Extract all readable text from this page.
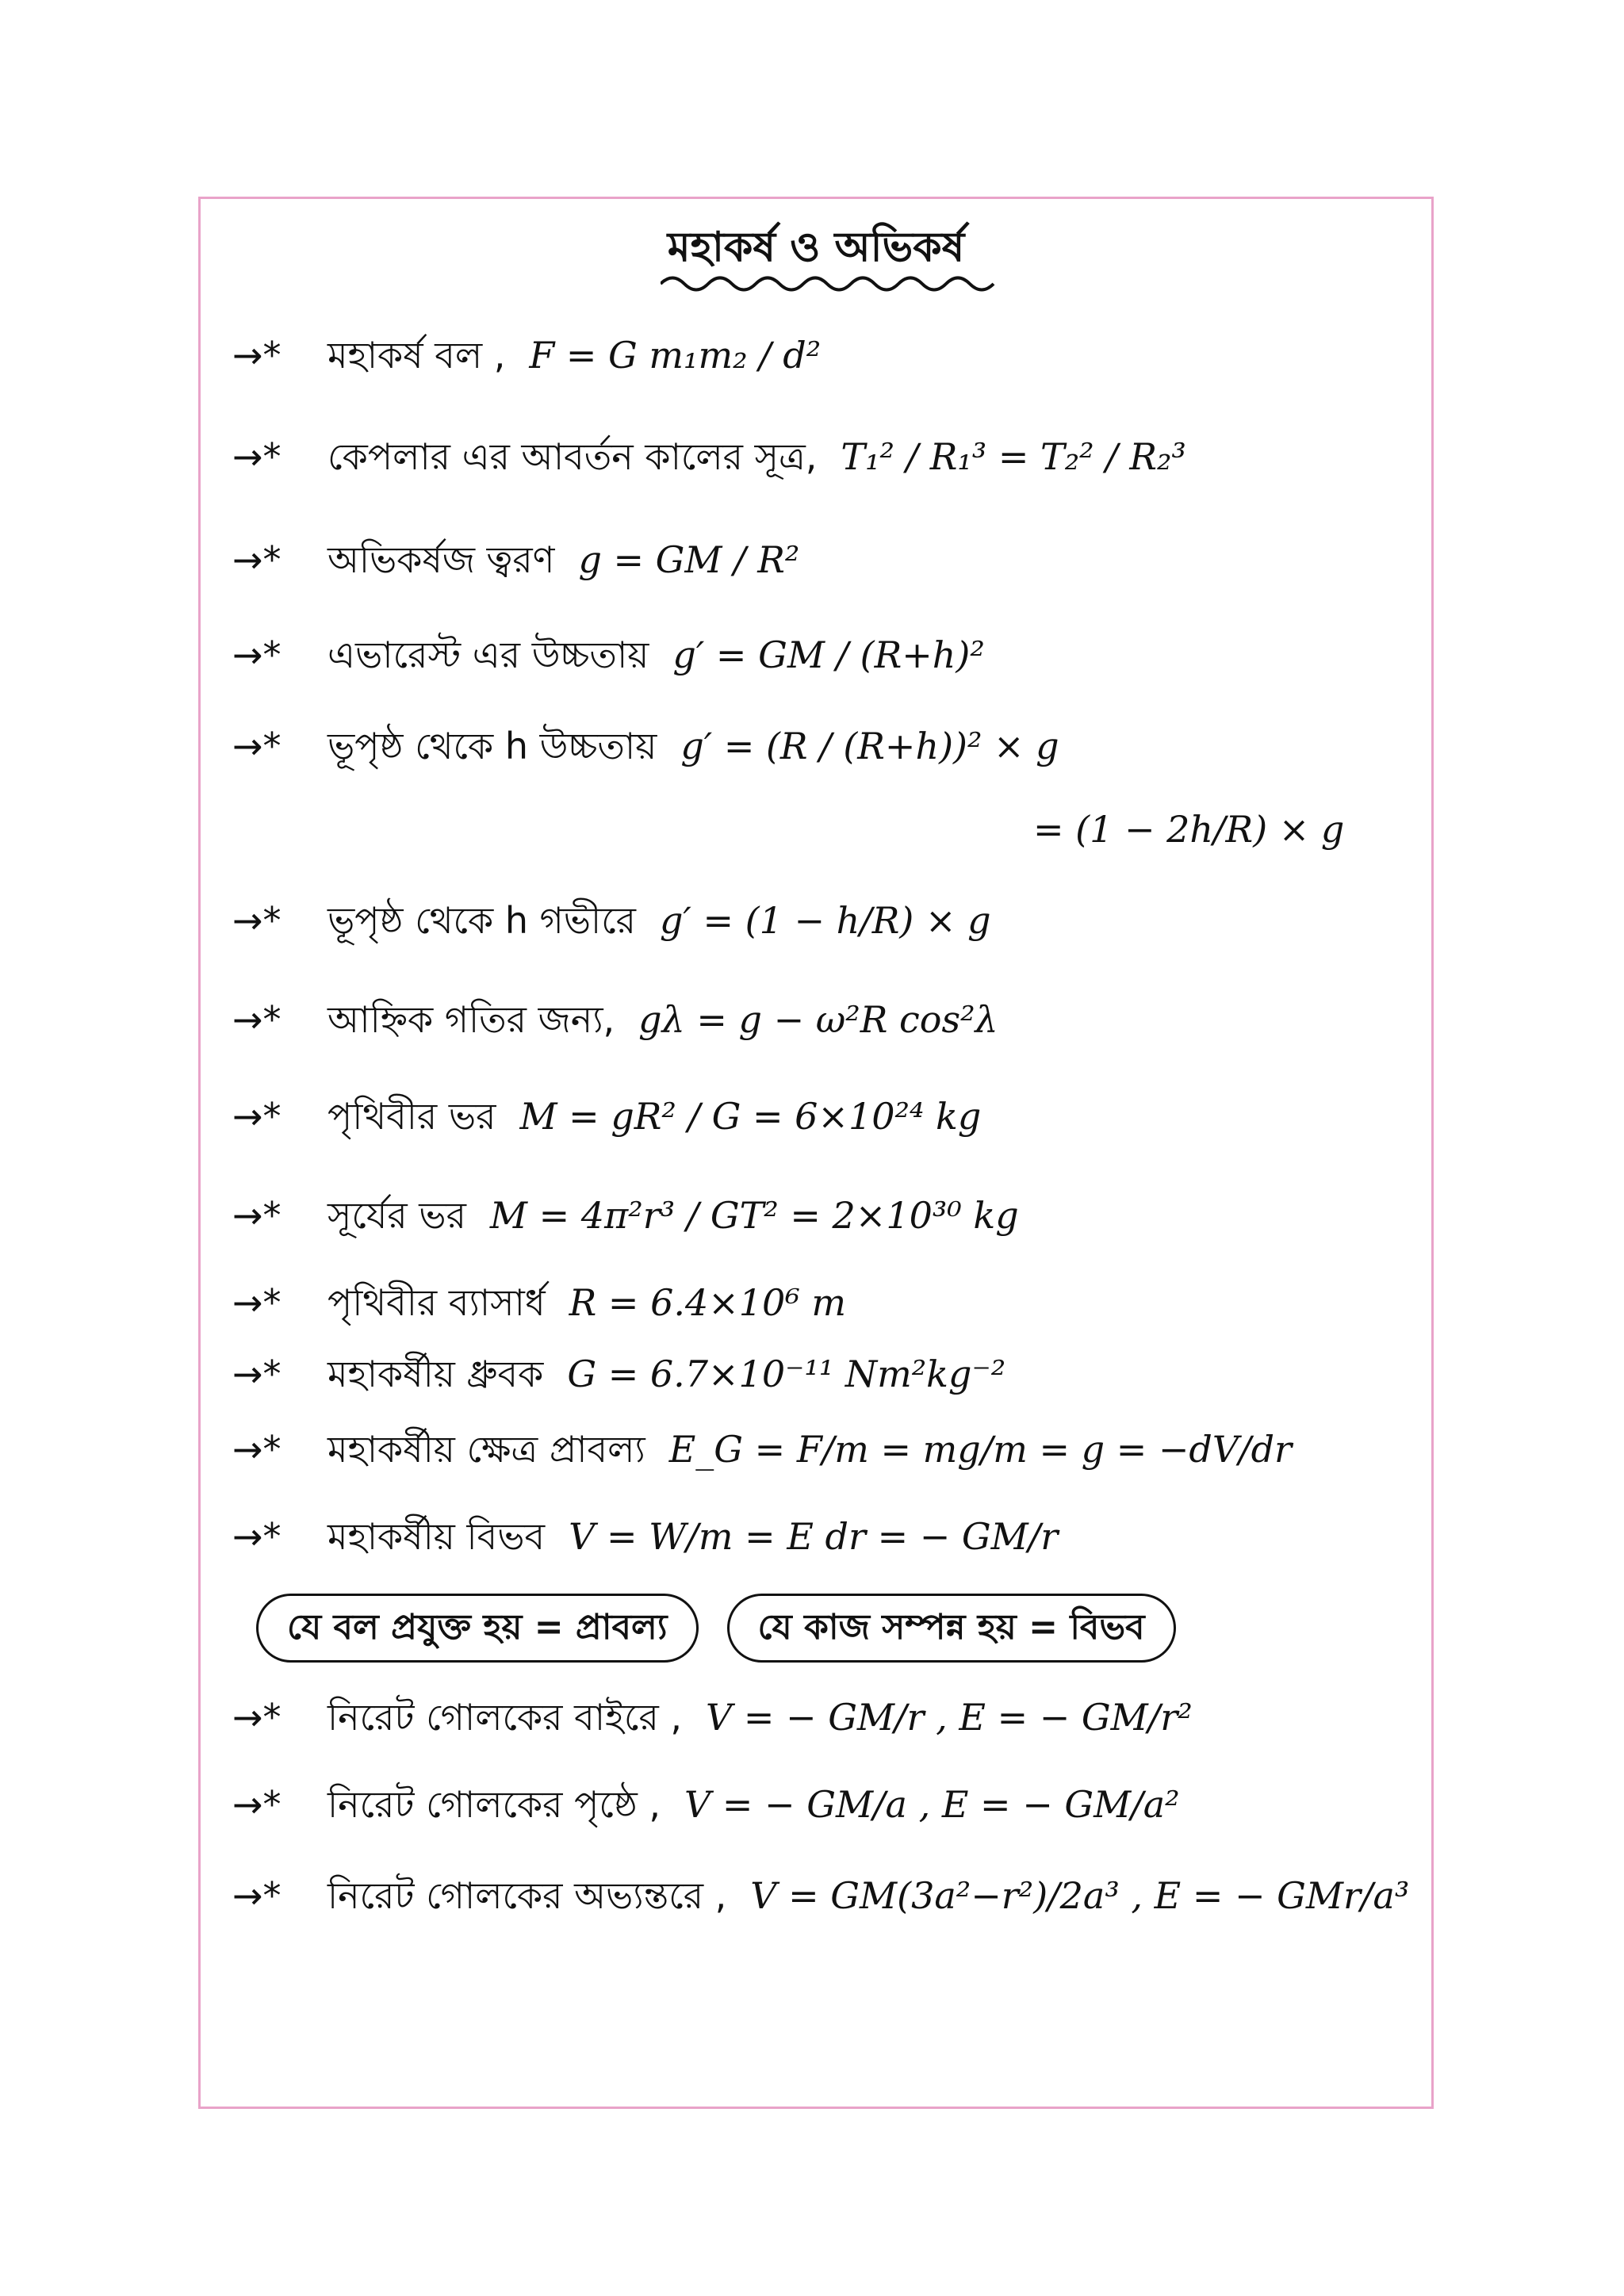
মহাকর্ষ ও অভিকর্ষ
→*	মহাকর্ষ বল , F = G m₁m₂ / d²
→*	কেপলার এর আবর্তন কালের সূত্র, T₁² / R₁³ = T₂² / R₂³
→*	অভিকর্ষজ ত্বরণ g = GM / R²
→*	এভারেস্ট এর উচ্চতায় g′ = GM / (R+h)²
→*	ভূপৃষ্ঠ থেকে h উচ্চতায় g′ = (R / (R+h))² × g
= (1 − 2h/R) × g
→*	ভূপৃষ্ঠ থেকে h গভীরে g′ = (1 − h/R) × g
→*	আহ্নিক গতির জন্য, gλ = g − ω²R cos²λ
→*	পৃথিবীর ভর M = gR² / G = 6×10²⁴ kg
→*	সূর্যের ভর M = 4π²r³ / GT² = 2×10³⁰ kg
→*	পৃথিবীর ব্যাসার্ধ R = 6.4×10⁶ m
→*	মহাকর্ষীয় ধ্রুবক G = 6.7×10⁻¹¹ Nm²kg⁻²
→*	মহাকর্ষীয় ক্ষেত্র প্রাবল্য E_G = F/m = mg/m = g = −dV/dr
→*	মহাকর্ষীয় বিভব V = W/m = E dr = − GM/r
যে বল প্রযুক্ত হয় = প্রাবল্য	যে কাজ সম্পন্ন হয় = বিভব
→*	নিরেট গোলকের বাইরে , V = − GM/r , E = − GM/r²
→*	নিরেট গোলকের পৃষ্ঠে , V = − GM/a , E = − GM/a²
→*	নিরেট গোলকের অভ্যন্তরে , V = GM(3a²−r²)/2a³ , E = − GMr/a³
